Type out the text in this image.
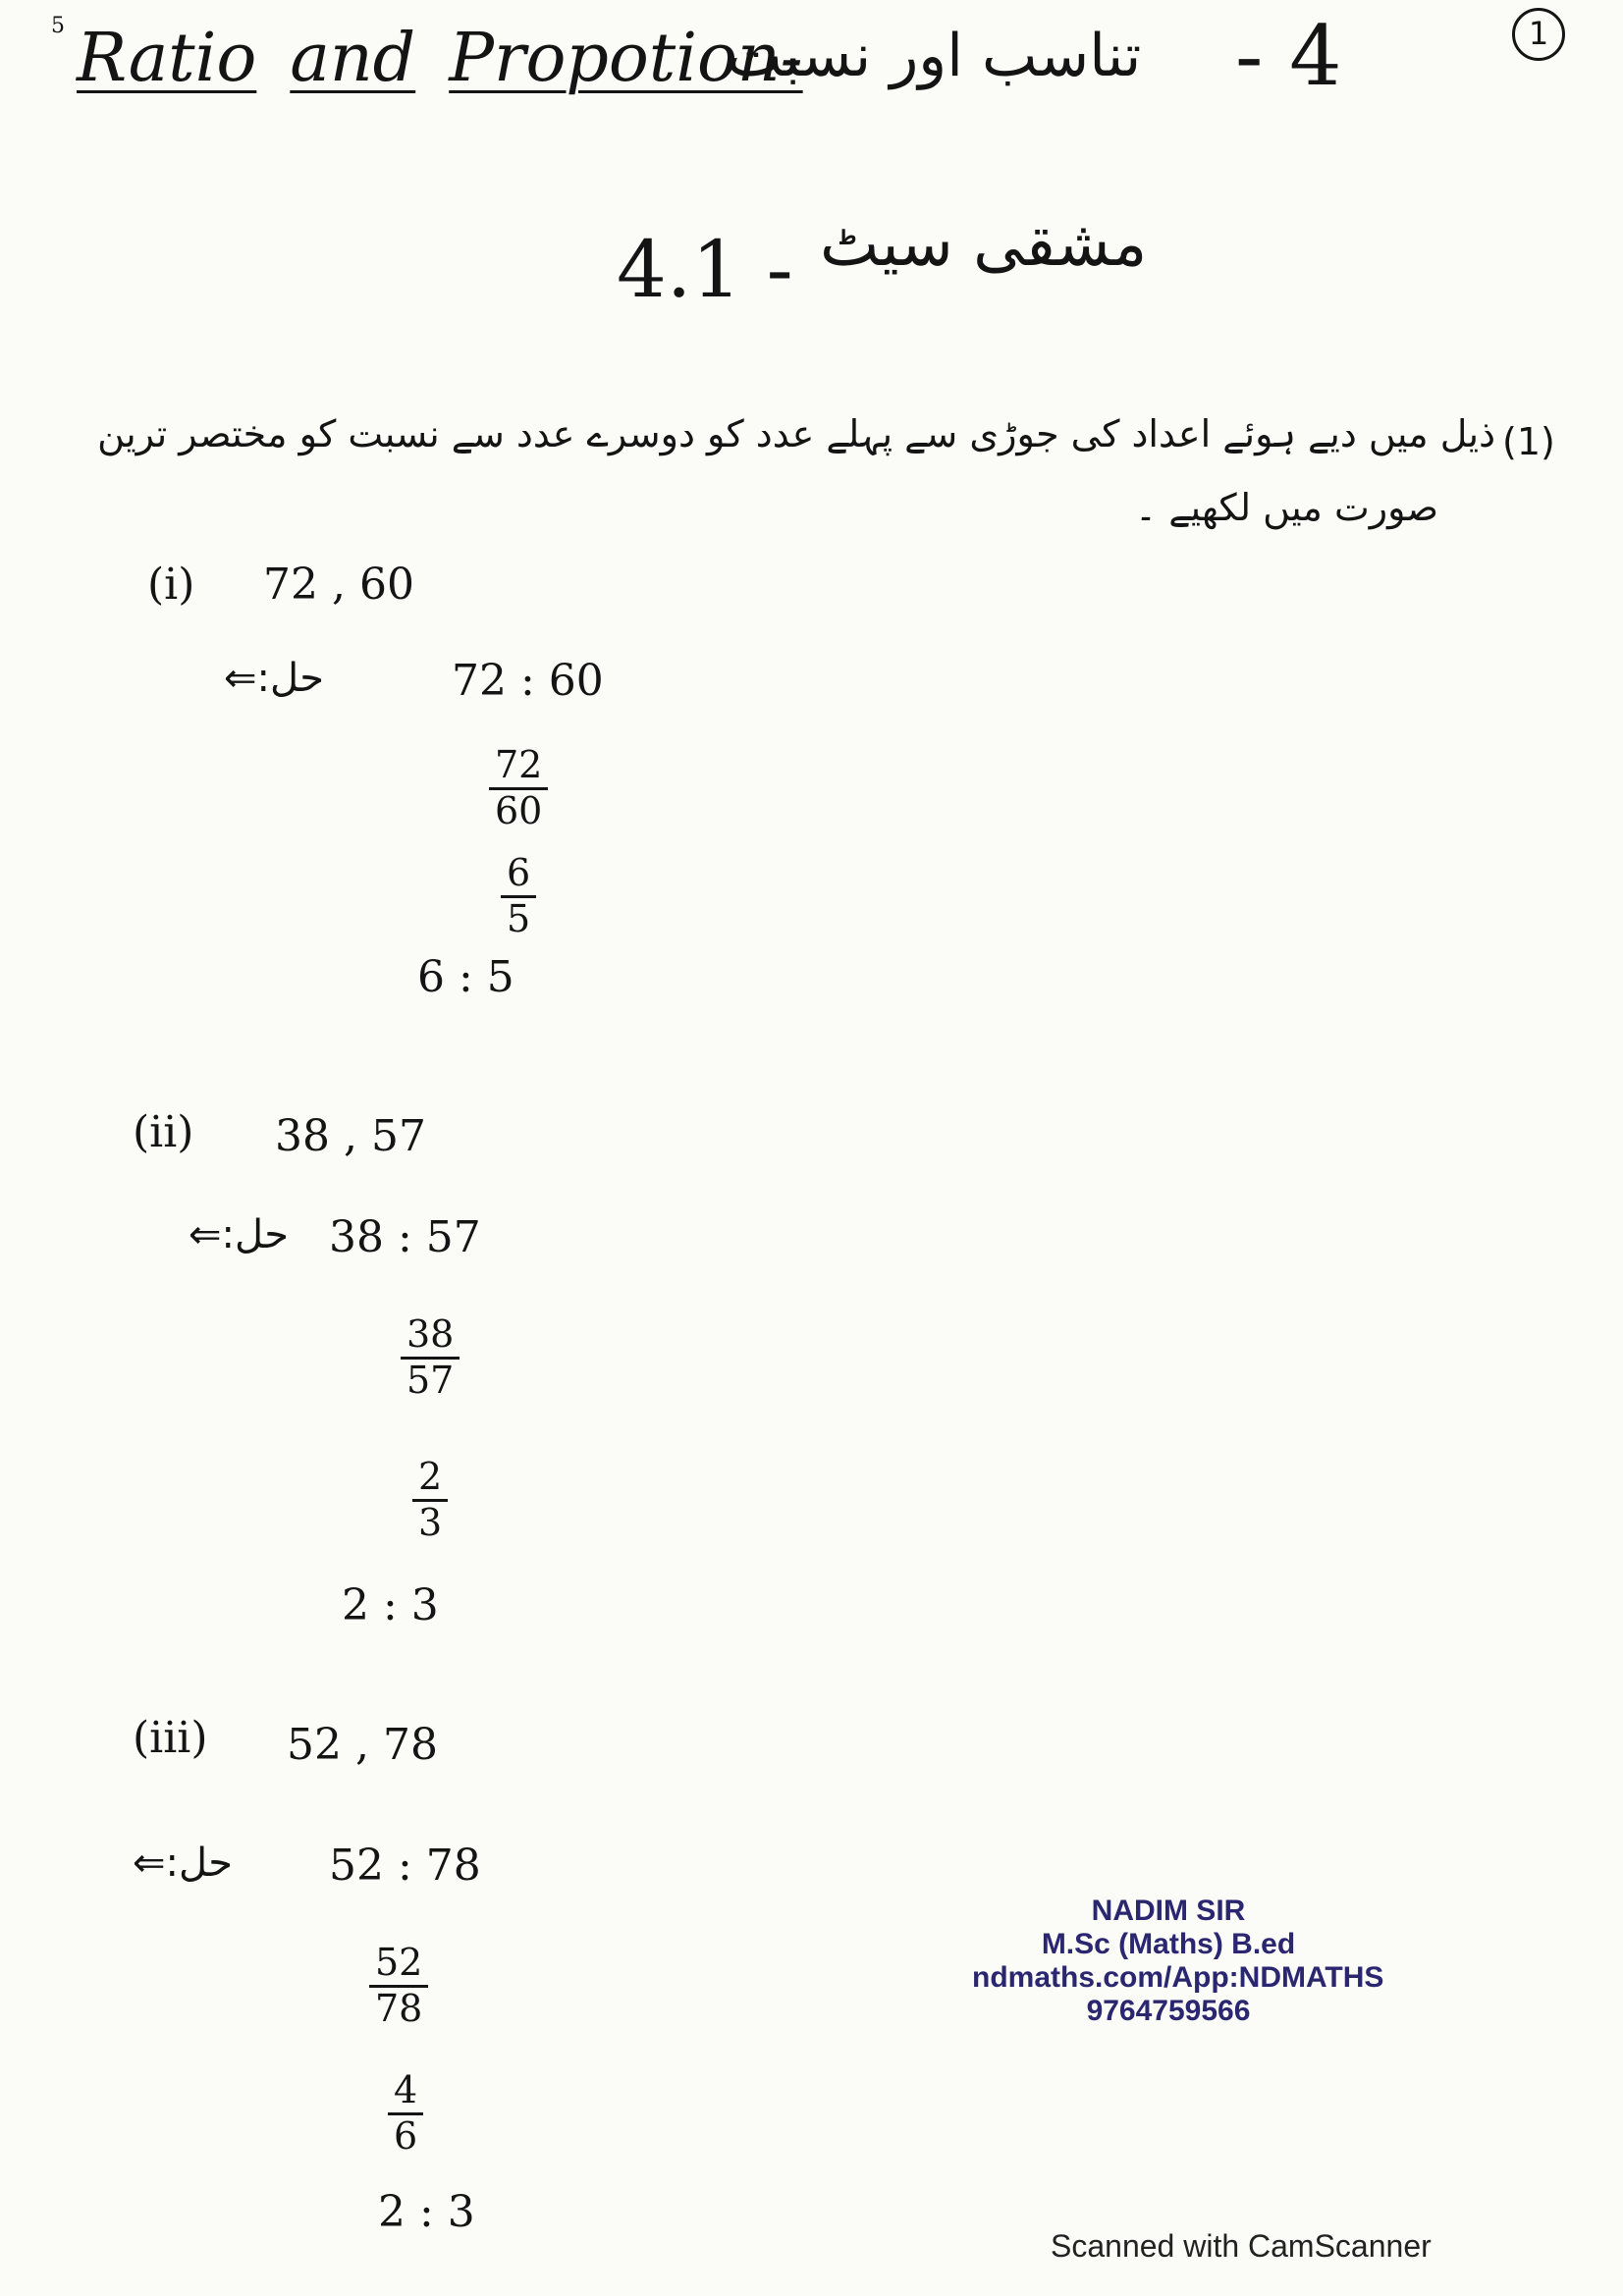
5 Ratio and Propotion-
تناسب اور نسبت - 4	1
4.1 - مشقی سیٹ
(1)
ذیل میں دیے ہوئے اعداد کی جوڑی سے پہلے عدد کو دوسرے عدد سے نسبت کو مختصر ترین
صورت میں لکھیے ۔
(i) 72 , 60
حل:⇐	72 : 60
$\frac{72}{60}$
$\frac{6}{5}$
6 : 5
(ii) 38 , 57
حل:⇐ 38 : 57
$\frac{38}{57}$
$\frac{2}{3}$
2 : 3
(iii) 52 , 78
حل:⇐ 52 : 78
$\frac{52}{78}$
$\frac{4}{6}$
2 : 3
NADIM SIR
M.Sc (Maths) B.ed
ndmaths.com/App:NDMATHS
9764759566
Scanned with CamScanner
